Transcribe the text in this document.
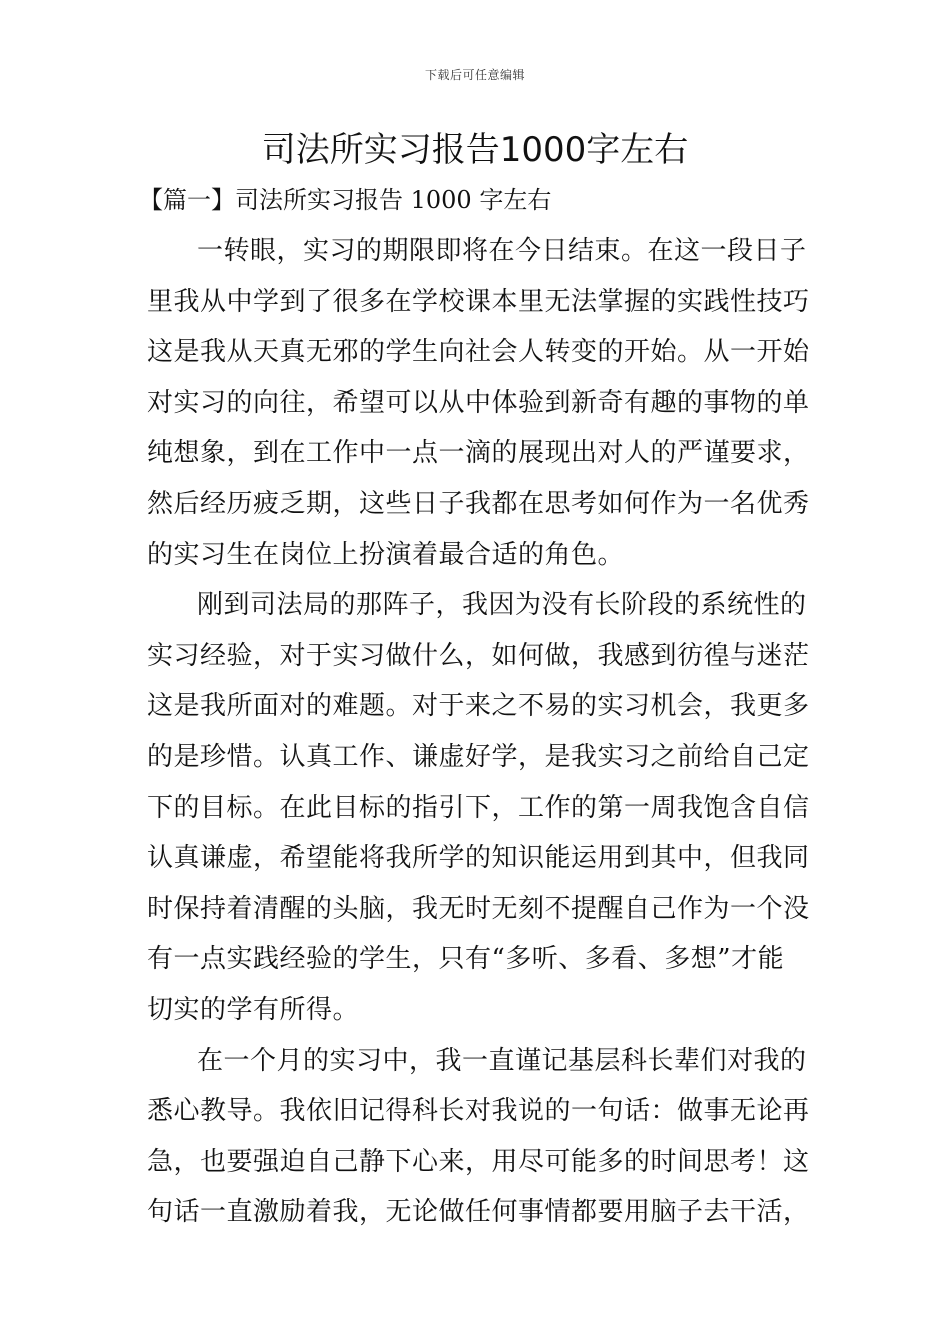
下载后可任意编辑
司法所实习报告1000字左右
【篇一】司法所实习报告 1000 字左右

一转眼，实习的期限即将在今日结束。在这一段日子
里我从中学到了很多在学校课本里无法掌握的实践性技巧
这是我从天真无邪的学生向社会人转变的开始。从一开始
对实习的向往，希望可以从中体验到新奇有趣的事物的单
纯想象，到在工作中一点一滴的展现出对人的严谨要求，
然后经历疲乏期，这些日子我都在思考如何作为一名优秀
的实习生在岗位上扮演着最合适的角色。

刚到司法局的那阵子，我因为没有长阶段的系统性的
实习经验，对于实习做什么，如何做，我感到彷徨与迷茫
这是我所面对的难题。对于来之不易的实习机会，我更多
的是珍惜。认真工作、谦虚好学，是我实习之前给自己定
下的目标。在此目标的指引下，工作的第一周我饱含自信
认真谦虚，希望能将我所学的知识能运用到其中，但我同
时保持着清醒的头脑，我无时无刻不提醒自己作为一个没
有一点实践经验的学生，只有“多听、多看、多想”才能
切实的学有所得。

在一个月的实习中，我一直谨记基层科长辈们对我的
悉心教导。我依旧记得科长对我说的一句话：做事无论再
急，也要强迫自己静下心来，用尽可能多的时间思考！这
句话一直激励着我，无论做任何事情都要用脑子去干活，
